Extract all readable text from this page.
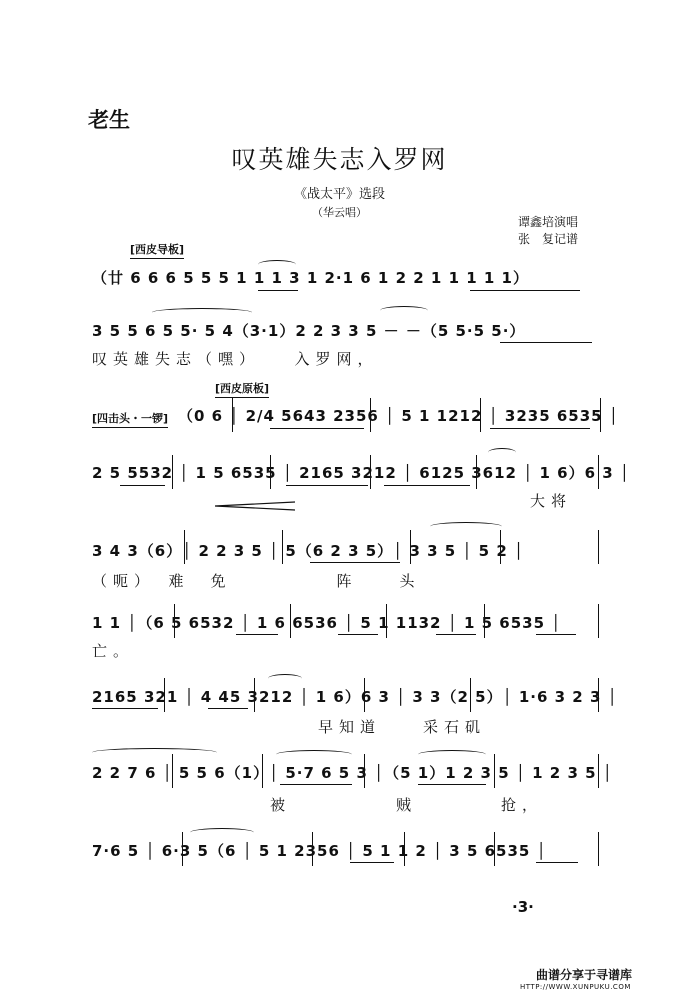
老生
叹英雄失志入罗网
《战太平》选段
（华云唱）
谭鑫培演唱
张　复记谱
[西皮导板]
[西皮原板]
（廿 6 6 6 5 5 5 1 1 1 3 1 2·1 6 1 2 2 1 1 1 1 1）
3 5 5 6 5 5· 5 4（3·1）2 2 3 3 5 － －（5 5·5 5·）
叹英雄失志（嘿）　　入罗网，
[四击头・一锣] （0 6 │ 2/4 5643 2356 │ 5 1 1212 │ 3235 6535 │
2 5 5532 │ 1 5 6535 │ 2165 3212 │ 6125 3612 │ 1 6）6 3 │
大将
3 4 3（6）│ 2 2 3 5 │ 5（6 2 3 5）│ 3 3 5 │ 5 2 │
（呃）　难　免　　　　　阵　　头
1 1 │（6 5 6532 │ 1 6 6536 │ 5 1 1132 │ 1 5 6535 │
亡。
2165 321 │ 4 45 3212 │ 1 6）6 3 │ 3 3（2 5）│ 1·6 3 2 3 │
早知道　　采石矶
2 2 7 6 │ 5 5 6（1）│ 5·7 6 5 3 │（5 1）1 2 3 5 │ 1 2 3 5 │
被　　　　　贼　　　　抢，
7·6 5 │ 6·3 5（6 │ 5 1 2356 │ 5 1 1 2 │ 3 5 6535 │
·3·
曲谱分享于寻谱库
HTTP://WWW.XUNPUKU.COM
